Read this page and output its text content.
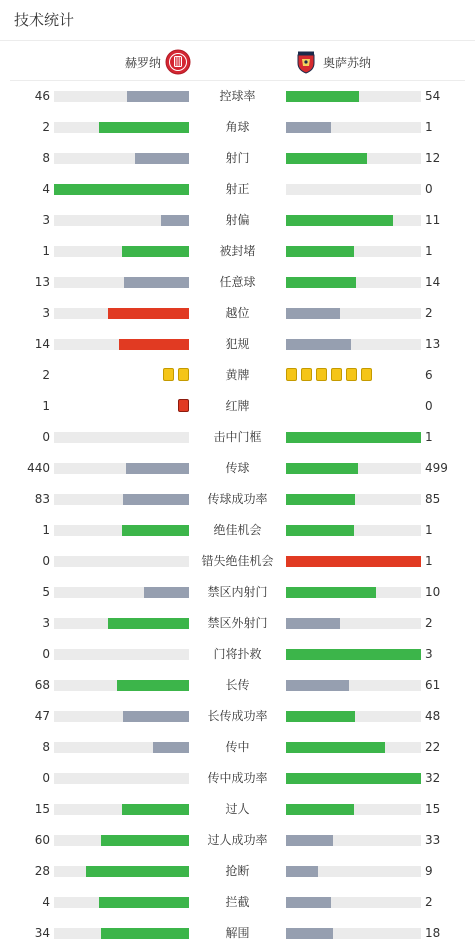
技术统计
赫罗纳	奥萨苏纳
46	控球率	54
2	角球	1
8	射门	12
4	射正	0
3	射偏	11
1	被封堵	1
13	任意球	14
3	越位	2
14	犯规	13
2	黄牌	6
1	红牌	0
0	击中门框	1
440	传球	499
83	传球成功率	85
1	绝佳机会	1
0	错失绝佳机会	1
5	禁区内射门	10
3	禁区外射门	2
0	门将扑救	3
68	长传	61
47	长传成功率	48
8	传中	22
0	传中成功率	32
15	过人	15
60	过人成功率	33
28	抢断	9
4	拦截	2
34	解围	18
